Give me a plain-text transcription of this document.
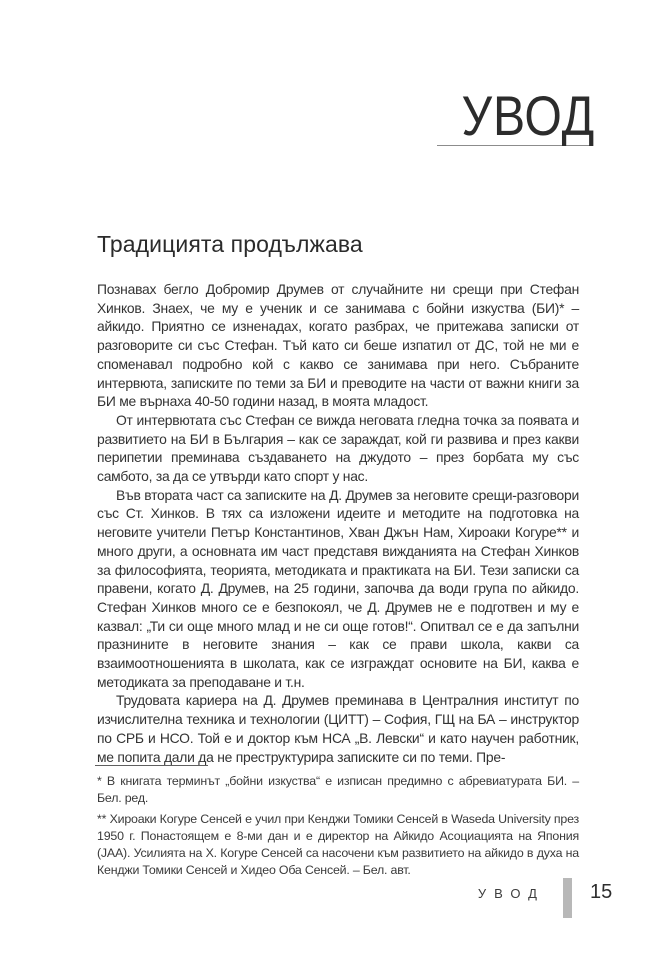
УВОД
Традицията продължава

Познавах бегло Добромир Друмев от случайните ни срещи при Стефан Хинков. Знаех, че му е ученик и се занимава с бойни изкуства (БИ)* – айкидо. Приятно се изненадах, когато разбрах, че притежава записки от разговорите си със Стефан. Тъй като си беше изпатил от ДС, той не ми е споменавал подробно кой с какво се занимава при него. Събраните интервюта, записките по теми за БИ и преводите на части от важни книги за БИ ме върнаха 40-50 години назад, в моята младост.

От интервютата със Стефан се вижда неговата гледна точка за появата и развитието на БИ в България – как се зараждат, кой ги развива и през какви перипетии преминава създаването на джудото – през борбата му със самбото, за да се утвърди като спорт у нас.

Във втората част са записките на Д. Друмев за неговите срещи-разговори със Ст. Хинков. В тях са изложени идеите и методите на подготовка на неговите учители Петър Константинов, Хван Джън Нам, Хироаки Когуре** и много други, а основната им част представя вижданията на Стефан Хинков за философията, теорията, методиката и практиката на БИ. Тези записки са правени, когато Д. Друмев, на 25 години, започва да води група по айкидо. Стефан Хинков много се е безпокоял, че Д. Друмев не е подготвен и му е казвал: „Ти си още много млад и не си още готов!“. Опитвал се е да запълни празнините в неговите знания – как се прави школа, какви са взаимоотношенията в школата, как се изграждат основите на БИ, каква е методиката за преподаване и т.н.

Трудовата кариера на Д. Друмев преминава в Централния институт по изчислителна техника и технологии (ЦИТТ) – София, ГЩ на БА – инструктор по СРБ и НСО. Той е и доктор към НСА „В. Левски“ и като научен работник, ме попита дали да не преструктурира записките си по теми. Пре-

* В книгата терминът „бойни изкуства“ е изписан предимно с абревиатурата БИ. – Бел. ред.

** Хироаки Когуре Сенсей е учил при Кенджи Томики Сенсей в Waseda University през 1950 г. Понастоящем е 8-ми дан и е директор на Айкидо Асоциацията на Япония (JAA). Усилията на Х. Когуре Сенсей са насочени към развитието на айкидо в духа на Кенджи Томики Сенсей и Хидео Оба Сенсей. – Бел. авт.

УВОД 15
